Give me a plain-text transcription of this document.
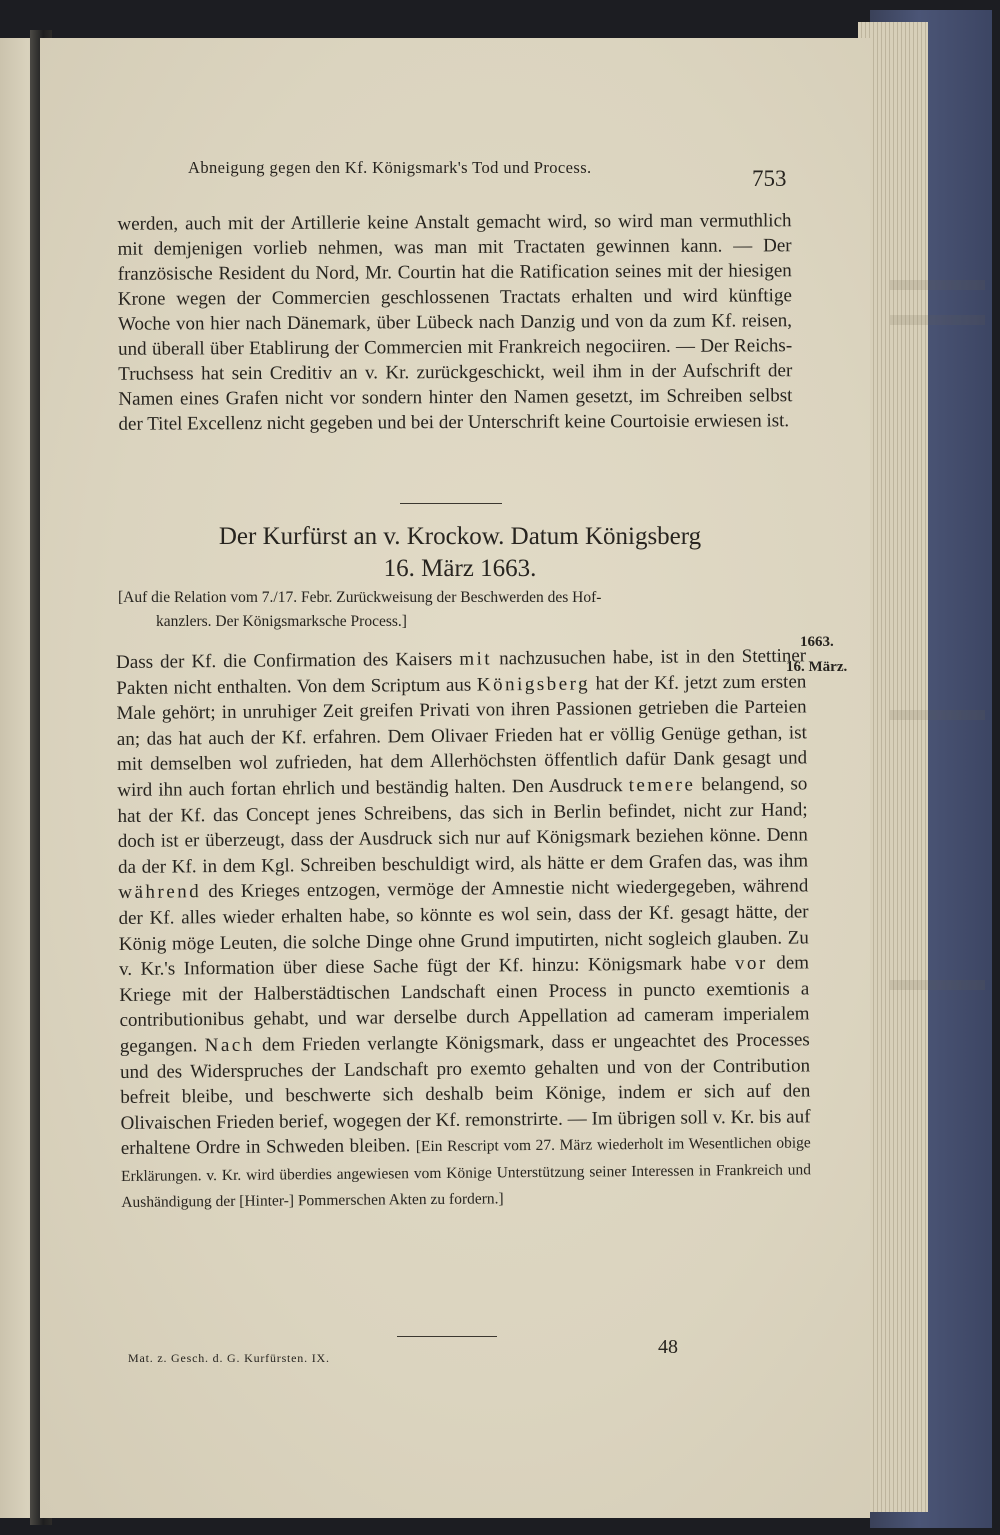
Abneigung gegen den Kf. Königsmark's Tod und Process.	753

werden, auch mit der Artillerie keine Anstalt gemacht wird, so wird man vermuthlich mit demjenigen vorlieb nehmen, was man mit Tractaten gewinnen kann. — Der französische Resident du Nord, Mr. Courtin hat die Ratification seines mit der hiesigen Krone wegen der Commercien geschlossenen Tractats erhalten und wird künftige Woche von hier nach Dänemark, über Lübeck nach Danzig und von da zum Kf. reisen, und überall über Etablirung der Commercien mit Frankreich negociiren. — Der Reichs-Truchsess hat sein Creditiv an v. Kr. zurückgeschickt, weil ihm in der Aufschrift der Namen eines Grafen nicht vor sondern hinter den Namen gesetzt, im Schreiben selbst der Titel Excellenz nicht gegeben und bei der Unterschrift keine Courtoisie erwiesen ist.

Der Kurfürst an v. Krockow. Datum Königsberg
16. März 1663.
[Auf die Relation vom 7./17. Febr. Zurückweisung der Beschwerden des Hof-
kanzlers. Der Königsmarksche Process.]
1663.
16. März.

Dass der Kf. die Confirmation des Kaisers mit nachzusuchen habe, ist in den Stettiner Pakten nicht enthalten. Von dem Scriptum aus Königsberg hat der Kf. jetzt zum ersten Male gehört; in unruhiger Zeit greifen Privati von ihren Passionen getrieben die Parteien an; das hat auch der Kf. erfahren. Dem Olivaer Frieden hat er völlig Genüge gethan, ist mit demselben wol zufrieden, hat dem Allerhöchsten öffentlich dafür Dank gesagt und wird ihn auch fortan ehrlich und beständig halten. Den Ausdruck temere belangend, so hat der Kf. das Concept jenes Schreibens, das sich in Berlin befindet, nicht zur Hand; doch ist er überzeugt, dass der Ausdruck sich nur auf Königsmark beziehen könne. Denn da der Kf. in dem Kgl. Schreiben beschuldigt wird, als hätte er dem Grafen das, was ihm während des Krieges entzogen, vermöge der Amnestie nicht wiedergegeben, während der Kf. alles wieder erhalten habe, so könnte es wol sein, dass der Kf. gesagt hätte, der König möge Leuten, die solche Dinge ohne Grund imputirten, nicht sogleich glauben. Zu v. Kr.'s Information über diese Sache fügt der Kf. hinzu: Königsmark habe vor dem Kriege mit der Halberstädtischen Landschaft einen Process in puncto exemtionis a contributionibus gehabt, und war derselbe durch Appellation ad cameram imperialem gegangen. Nach dem Frieden verlangte Königsmark, dass er ungeachtet des Processes und des Widerspruches der Landschaft pro exemto gehalten und von der Contribution befreit bleibe, und beschwerte sich deshalb beim Könige, indem er sich auf den Olivaischen Frieden berief, wogegen der Kf. remonstrirte. — Im übrigen soll v. Kr. bis auf erhaltene Ordre in Schweden bleiben. [Ein Rescript vom 27. März wiederholt im Wesentlichen obige Erklärungen. v. Kr. wird überdies angewiesen vom Könige Unterstützung seiner Interessen in Frankreich und Aushändigung der [Hinter-] Pommerschen Akten zu fordern.]

Mat. z. Gesch. d. G. Kurfürsten. IX.	48
